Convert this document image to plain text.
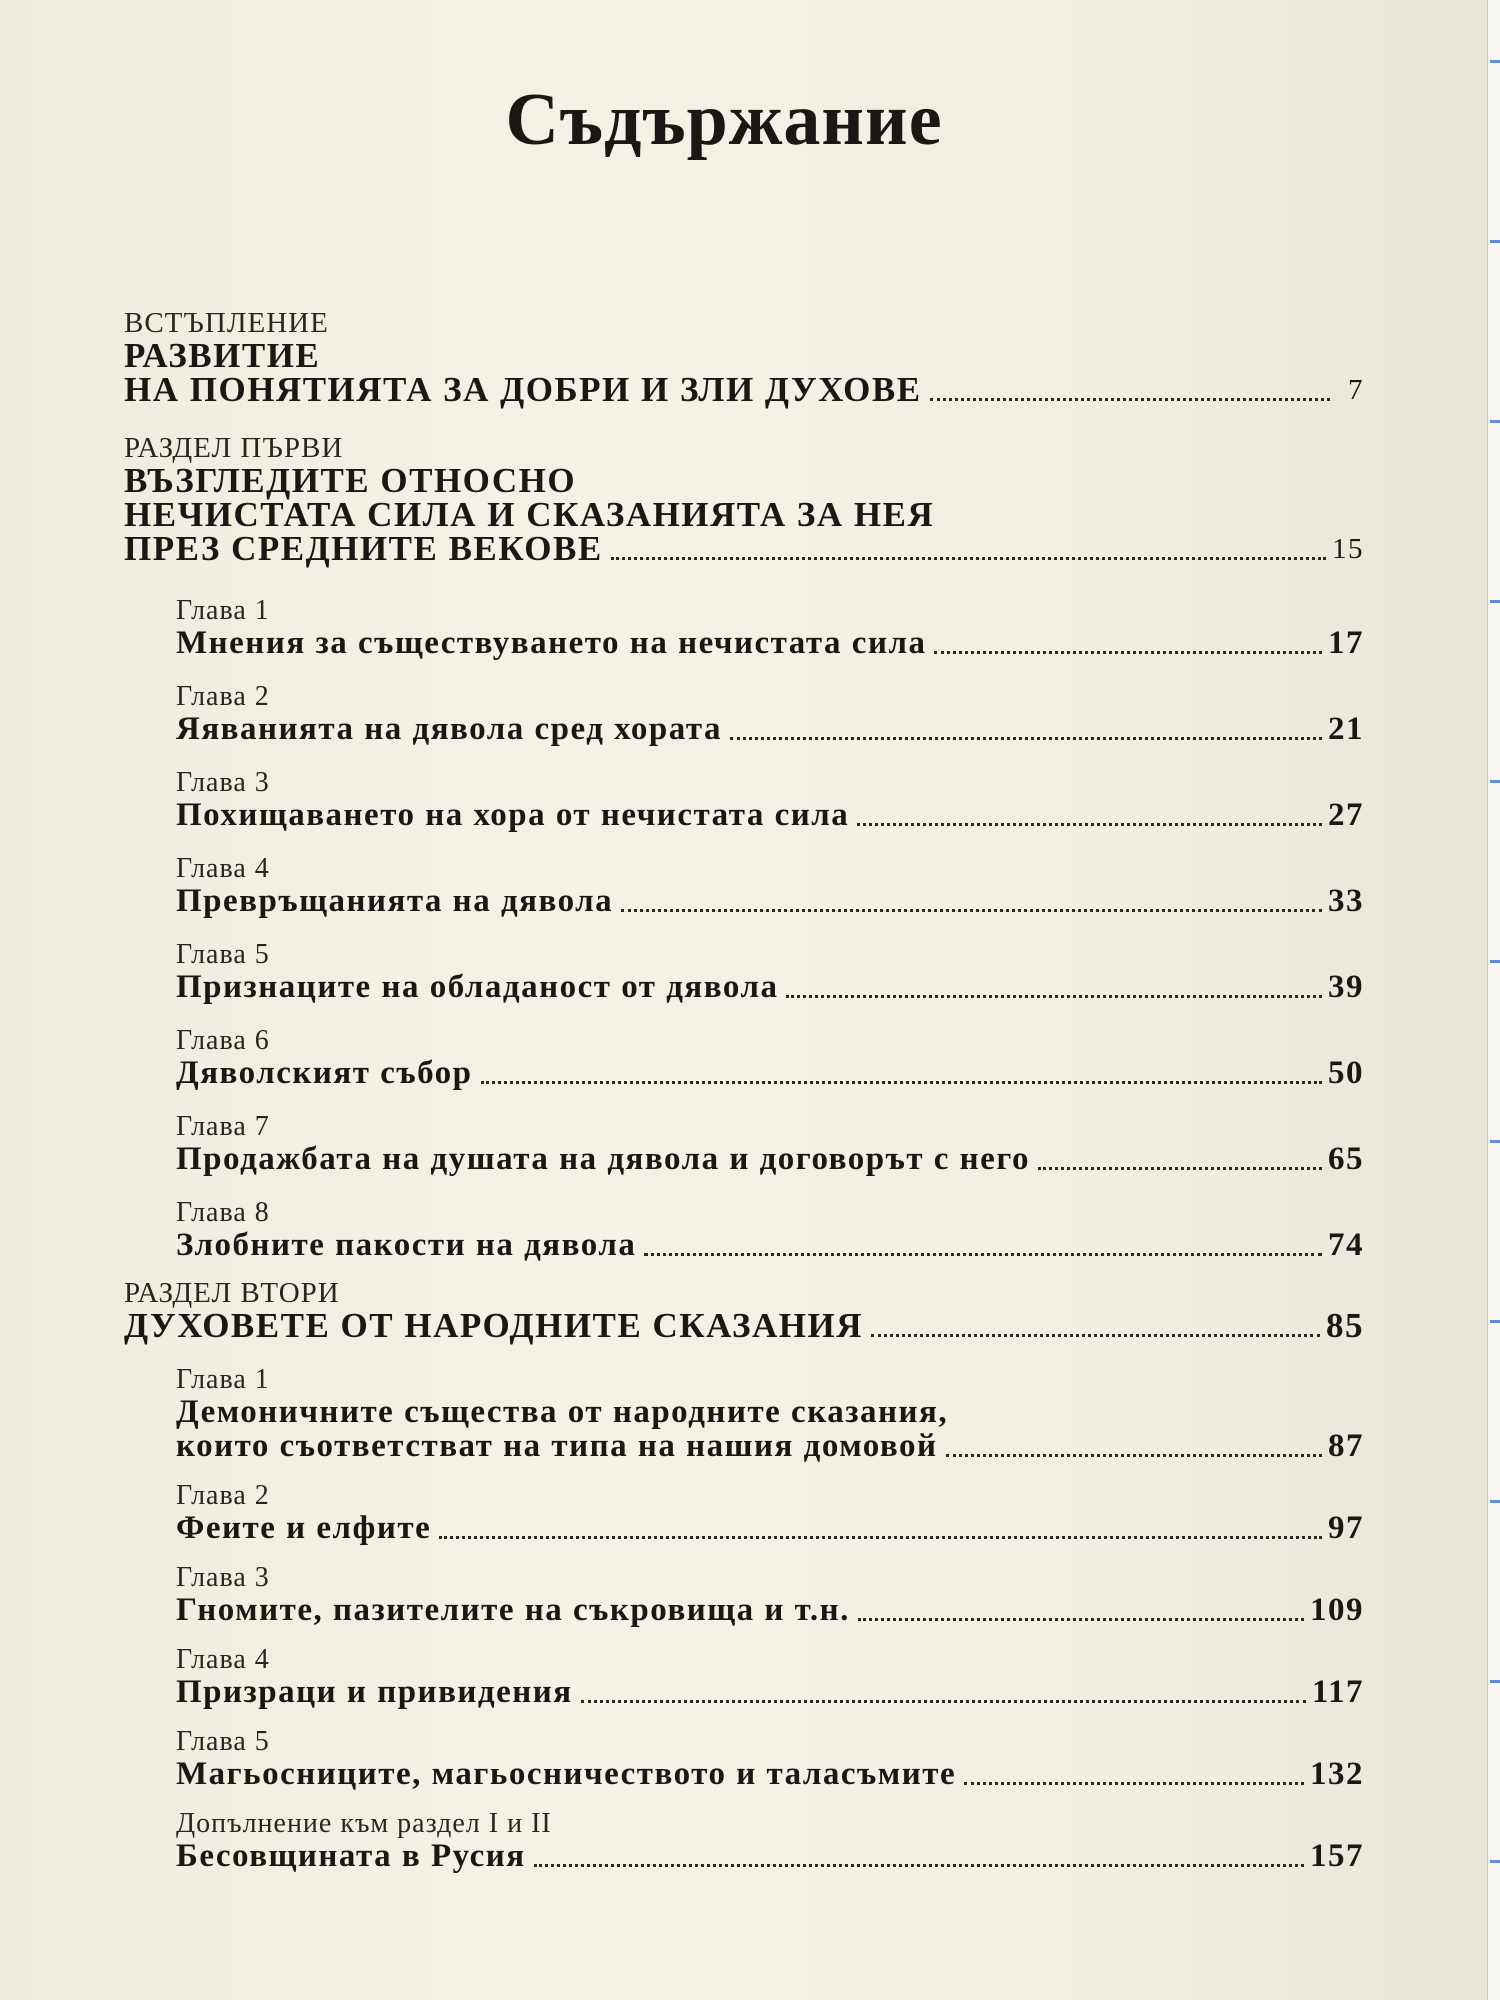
Съдържание
ВСТЪПЛЕНИЕ
РАЗВИТИЕ
НА ПОНЯТИЯТА ЗА ДОБРИ И ЗЛИ ДУХОВЕ	7
РАЗДЕЛ ПЪРВИ
ВЪЗГЛЕДИТЕ ОТНОСНО
НЕЧИСТАТА СИЛА И СКАЗАНИЯТА ЗА НЕЯ
ПРЕЗ СРЕДНИТЕ ВЕКОВЕ	15
Глава 1
Мнения за съществуването на нечистата сила	17
Глава 2
Яяванията на дявола сред хората	21
Глава 3
Похищаването на хора от нечистата сила	27
Глава 4
Превръщанията на дявола	33
Глава 5
Признаците на обладаност от дявола	39
Глава 6
Дяволският събор	50
Глава 7
Продажбата на душата на дявола и договорът с него	65
Глава 8
Злобните пакости на дявола	74
РАЗДЕЛ ВТОРИ
ДУХОВЕТЕ ОТ НАРОДНИТЕ СКАЗАНИЯ	85
Глава 1
Демоничните същества от народните сказания,
които съответстват на типа на нашия домовой	87
Глава 2
Феите и елфите	97
Глава 3
Гномите, пазителите на съкровища и т.н.	109
Глава 4
Призраци и привидения	117
Глава 5
Магьосниците, магьосничеството и таласъмите	132
Допълнение към раздел I и II
Бесовщината в Русия	157
